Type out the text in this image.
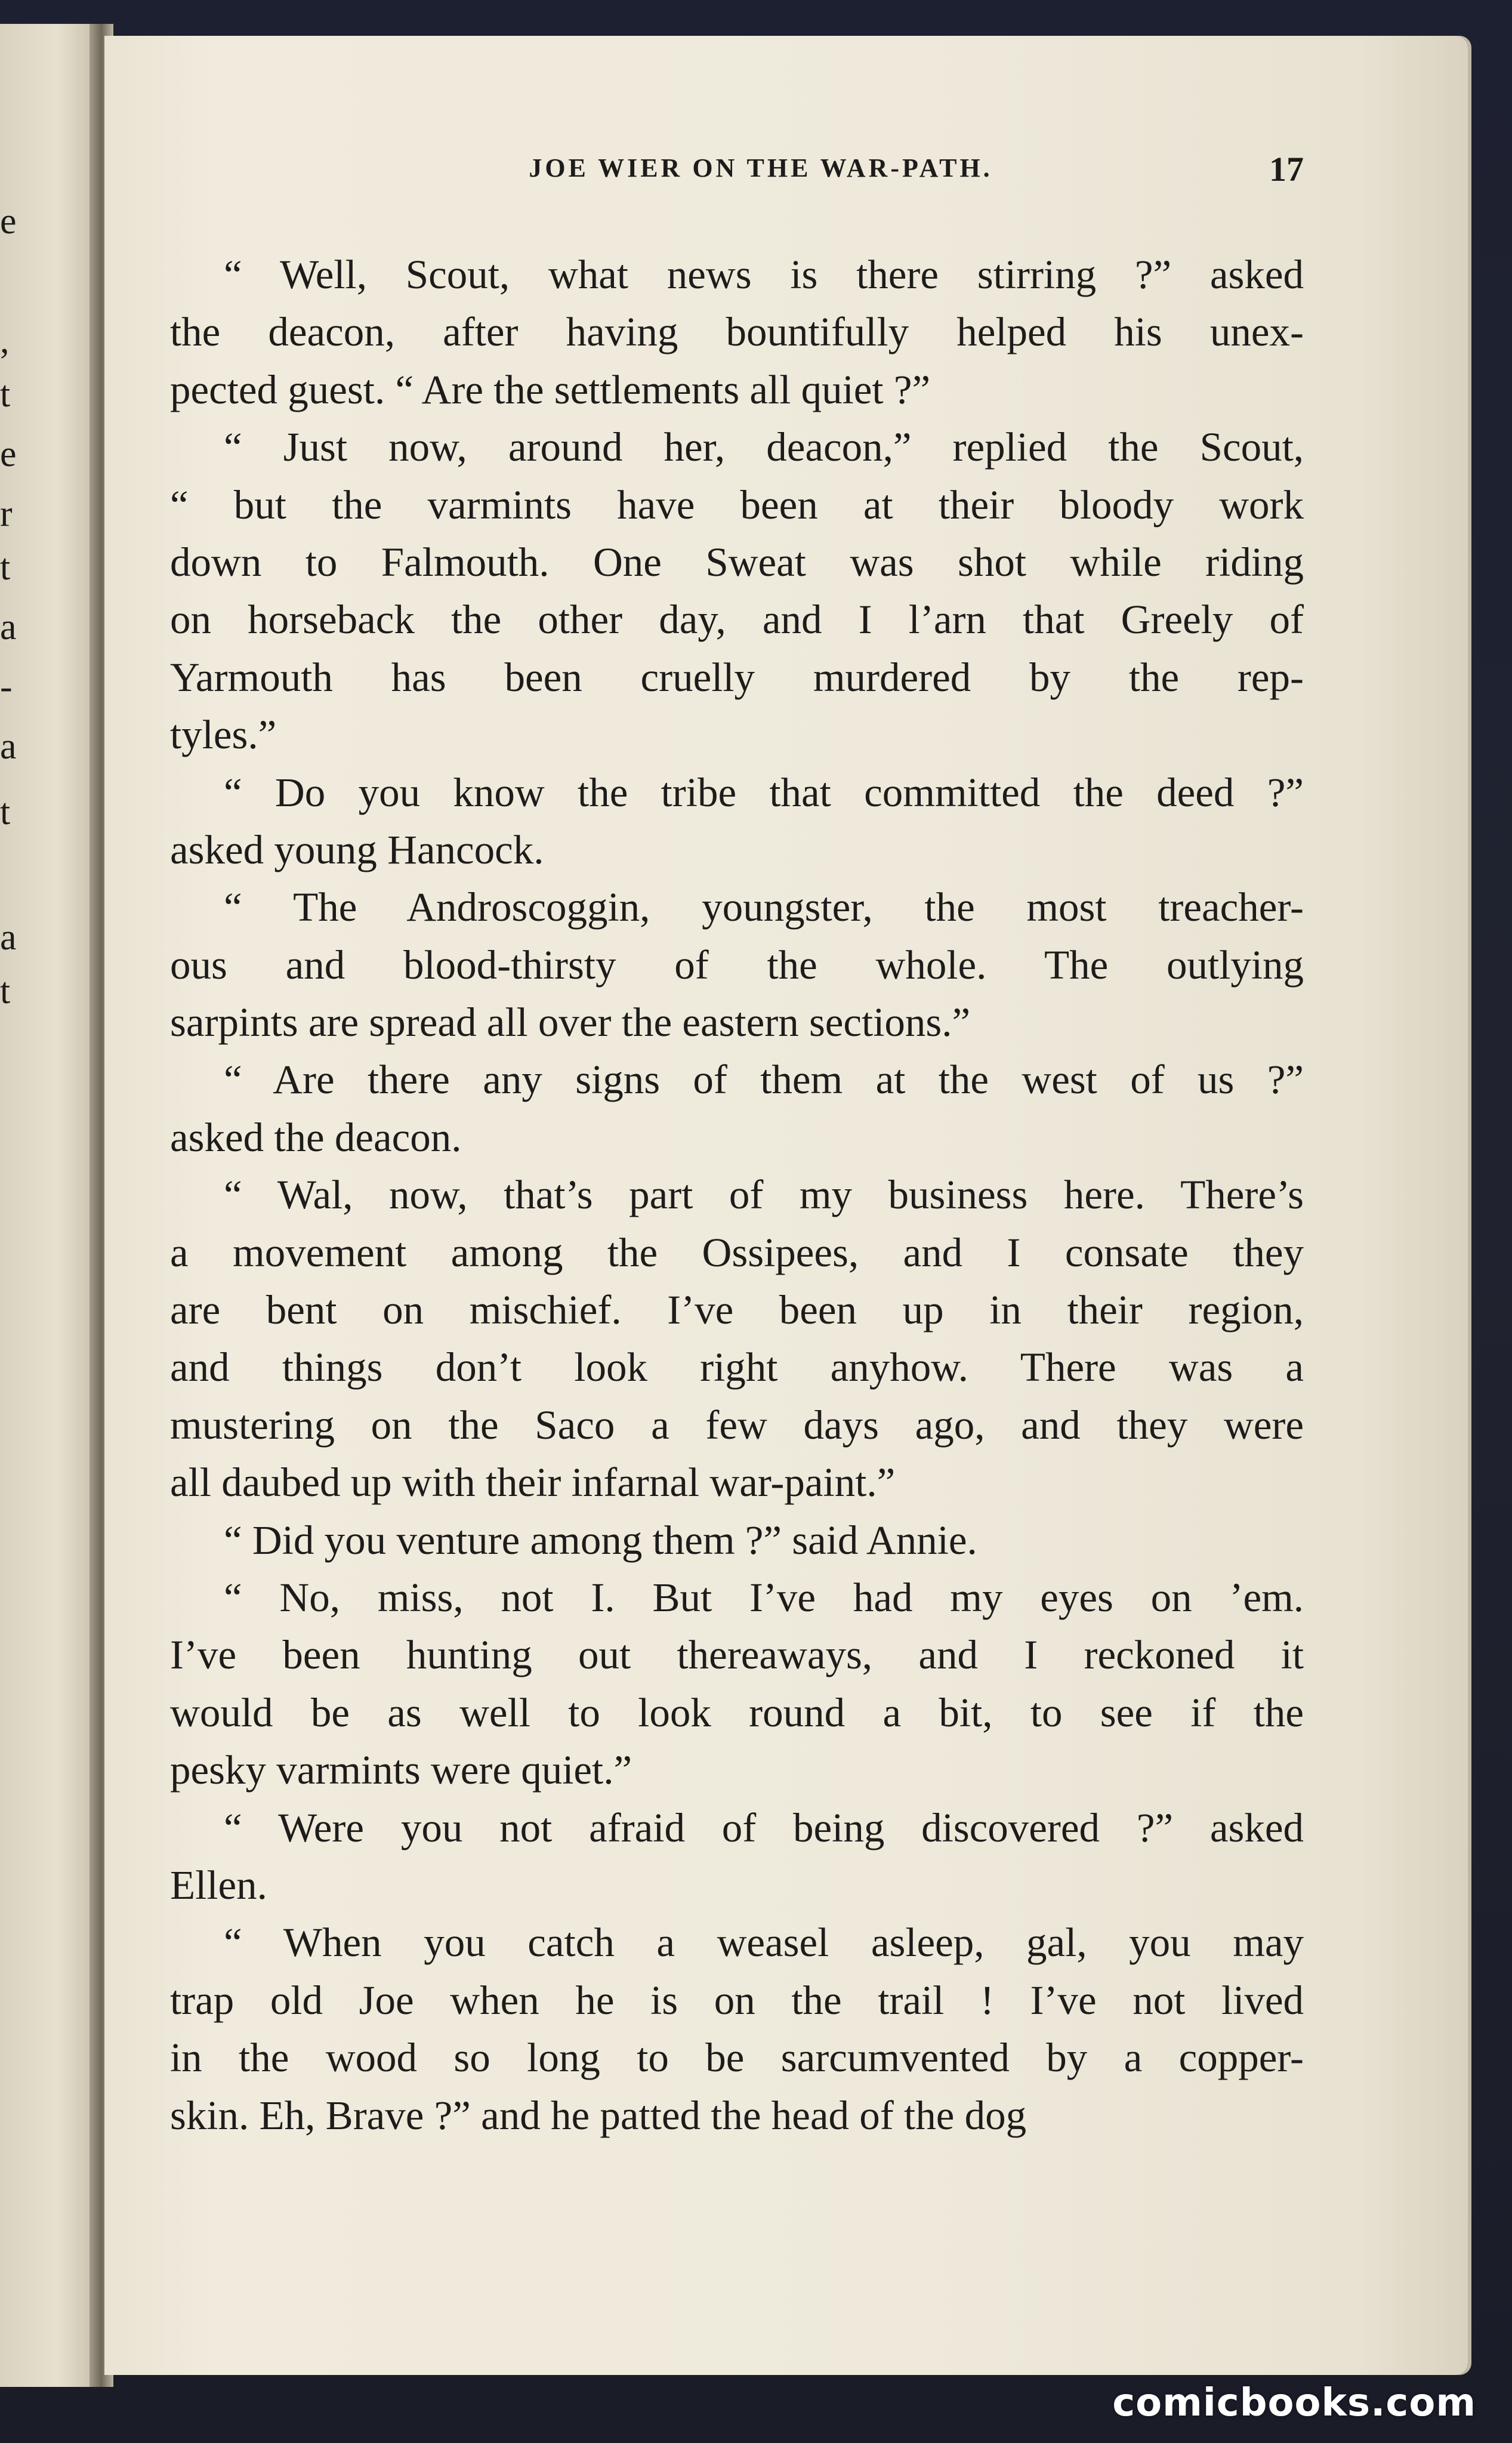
e
,
t
e
r
t
a
-
a
t
a
t
JOE WIER ON THE WAR-PATH.	17
“ Well, Scout, what news is there stirring ?” asked
the deacon, after having bountifully helped his unex-
pected guest. “ Are the settlements all quiet ?”
“ Just now, around her, deacon,” replied the Scout,
“ but the varmints have been at their bloody work
down to Falmouth. One Sweat was shot while riding
on horseback the other day, and I l’arn that Greely of
Yarmouth has been cruelly murdered by the rep-
tyles.”
“ Do you know the tribe that committed the deed ?”
asked young Hancock.
“ The Androscoggin, youngster, the most treacher-
ous and blood-thirsty of the whole. The outlying
sarpints are spread all over the eastern sections.”
“ Are there any signs of them at the west of us ?”
asked the deacon.
“ Wal, now, that’s part of my business here. There’s
a movement among the Ossipees, and I consate they
are bent on mischief. I’ve been up in their region,
and things don’t look right anyhow. There was a
mustering on the Saco a few days ago, and they were
all daubed up with their infarnal war-paint.”
“ Did you venture among them ?” said Annie.
“ No, miss, not I. But I’ve had my eyes on ’em.
I’ve been hunting out thereaways, and I reckoned it
would be as well to look round a bit, to see if the
pesky varmints were quiet.”
“ Were you not afraid of being discovered ?” asked
Ellen.
“ When you catch a weasel asleep, gal, you may
trap old Joe when he is on the trail ! I’ve not lived
in the wood so long to be sarcumvented by a copper-
skin. Eh, Brave ?” and he patted the head of the dog
comicbooks.com
